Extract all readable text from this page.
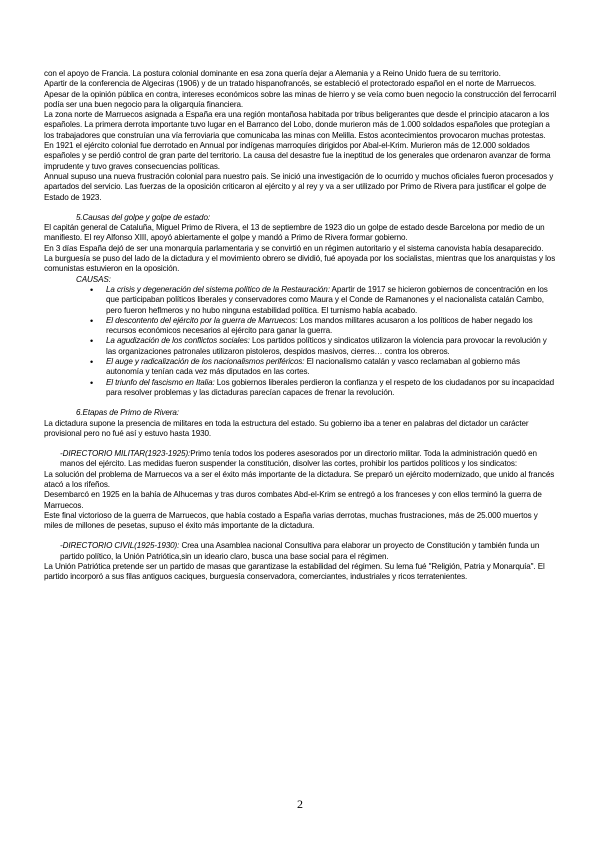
con el apoyo de Francia. La postura colonial dominante en esa zona quería dejar a Alemania y a Reino Unido fuera de su territorio.

Apartir de la conferencia de Algeciras (1906) y de un tratado hispanofrancés, se estableció el protectorado español en el norte de Marruecos. Apesar de la opinión pública en contra, intereses económicos sobre las minas de hierro y se veía como buen negocio la construcción del ferrocarril podía ser una buen negocio para la oligarquía financiera.

La zona norte de Marruecos asignada a España era una región montañosa habitada por tribus beligerantes que desde el principio atacaron a los españoles. La primera derrota importante tuvo lugar en el Barranco del Lobo, donde murieron más de 1.000 soldados españoles que protegían a los trabajadores que construían una vía ferroviaria que comunicaba las minas con Melilla. Estos acontecimientos provocaron muchas protestas.

En 1921 el ejército colonial fue derrotado en Annual por indígenas marroquíes dirigidos por Abal-el-Krim. Murieron más de 12.000 soldados españoles y se perdió control de gran parte del territorio. La causa del desastre fue la ineptitud de los generales que ordenaron avanzar de forma imprudente y tuvo graves consecuencias políticas.

Annual supuso una nueva frustración colonial para nuestro país. Se inició una investigación de lo ocurrido y muchos oficiales fueron procesados y apartados del servicio. Las fuerzas de la oposición criticaron al ejército y al rey y va a ser utilizado por Primo de Rivera para justificar el golpe de Estado de 1923.

5.Causas del golpe y golpe de estado:

El capitán general de Cataluña, Miguel Primo de Rivera, el 13 de septiembre de 1923 dio un golpe de estado desde Barcelona por medio de un manifiesto. El rey Alfonso XIII, apoyó abiertamente el golpe y mandó a Primo de Rivera formar gobierno.

En 3 días España dejó de ser una monarquía parlamentaria y se convirtió en un régimen autoritario y el sistema canovista había desaparecido.

La burguesía se puso del lado de la dictadura y el movimiento obrero se dividió, fué apoyada por los socialistas, mientras que los anarquistas y los comunistas estuvieron en la oposición.

CAUSAS:

• La crisis y degeneración del sistema político de la Restauración: Apartir de 1917 se hicieron gobiernos de concentración en los que participaban políticos liberales y conservadores como Maura y el Conde de Ramanones y el nacionalista catalán Cambo, pero fueron heflmeros y no hubo ninguna estabilidad política. El turnismo había acabado.
• El descontento del ejército por la guerra de Marruecos: Los mandos militares acusaron a los políticos de haber negado los recursos económicos necesarios al ejército para ganar la guerra.
• La agudización de los conflictos sociales: Los partidos políticos y sindicatos utilizaron la violencia para provocar la revolución y las organizaciones patronales utilizaron pistoleros, despidos masivos, cierres… contra los obreros.
• El auge y radicalización de los nacionalismos periféricos: El nacionalismo catalán y vasco reclamaban al gobierno más autonomía y tenían cada vez más diputados en las cortes.
• El triunfo del fascismo en Italia: Los gobiernos liberales perdieron la confianza y el respeto de los ciudadanos por su incapacidad para resolver problemas y las dictaduras parecían capaces de frenar la revolución.

6.Etapas de Primo de Rivera:

La dictadura supone la presencia de militares en toda la estructura del estado. Su gobierno iba a tener en palabras del dictador un carácter provisional pero no fué así y estuvo hasta 1930.

-DIRECTORIO MILITAR(1923-1925):Primo tenía todos los poderes asesorados por un directorio militar. Toda la administración quedó en manos del ejército. Las medidas fueron suspender la constitución, disolver las cortes, prohibir los partidos políticos y los sindicatos:

La solución del problema de Marruecos va a ser el éxito más importante de la dictadura. Se preparó un ejército modernizado, que unido al francés atacó a los rifeños.

Desembarcó en 1925 en la bahía de Alhucemas y tras duros combates Abd-el-Krim se entregó a los franceses y con ellos terminó la guerra de Marruecos.

Este final victorioso de la guerra de Marruecos, que había costado a España varias derrotas, muchas frustraciones, más de 25.000 muertos y miles de millones de pesetas, supuso el éxito más importante de la dictadura.

-DIRECTORIO CIVIL(1925-1930): Crea una Asamblea nacional Consultiva para elaborar un proyecto de Constitución y también funda un partido político, la Unión Patriótica,sin un ideario claro, busca una base social para el régimen.

La Unión Patriótica pretende ser un partido de masas que garantizase la estabilidad del régimen. Su lema fué "Religión, Patria y Monarquía". El partido incorporó a sus filas antiguos caciques, burguesía conservadora, comerciantes, industriales y ricos terratenientes.

2
